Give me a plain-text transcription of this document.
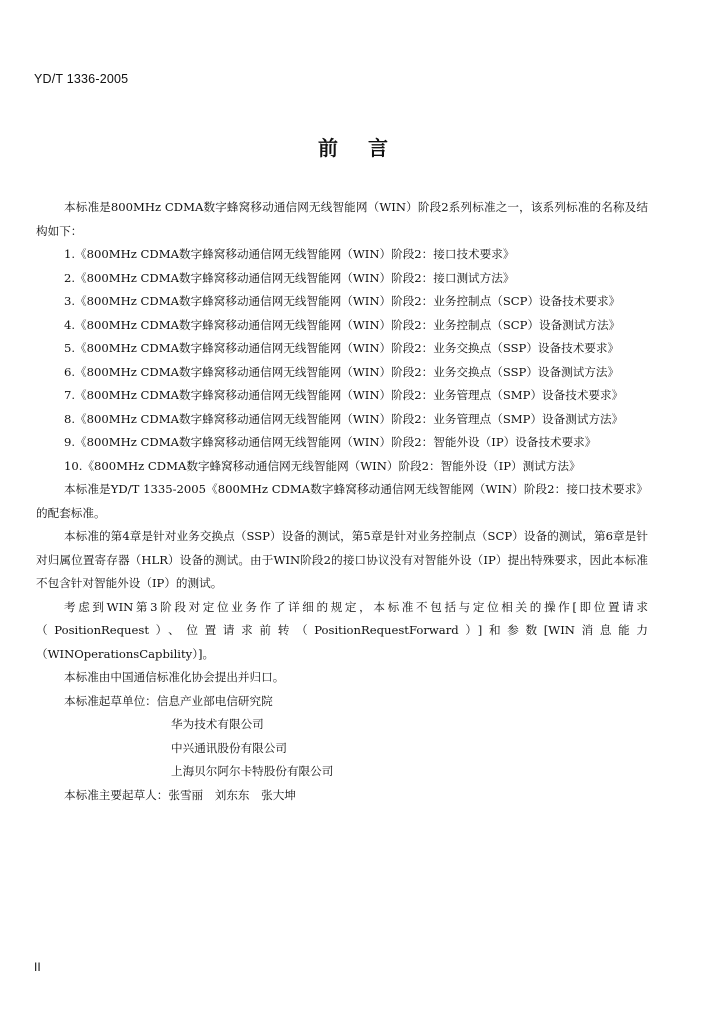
YD/T 1336-2005
前言

本标准是800MHz CDMA数字蜂窝移动通信网无线智能网（WIN）阶段2系列标准之一，该系列标准的名称及结构如下：

1.《800MHz CDMA数字蜂窝移动通信网无线智能网（WIN）阶段2：接口技术要求》

2.《800MHz CDMA数字蜂窝移动通信网无线智能网（WIN）阶段2：接口测试方法》

3.《800MHz CDMA数字蜂窝移动通信网无线智能网（WIN）阶段2：业务控制点（SCP）设备技术要求》

4.《800MHz CDMA数字蜂窝移动通信网无线智能网（WIN）阶段2：业务控制点（SCP）设备测试方法》

5.《800MHz CDMA数字蜂窝移动通信网无线智能网（WIN）阶段2：业务交换点（SSP）设备技术要求》

6.《800MHz CDMA数字蜂窝移动通信网无线智能网（WIN）阶段2：业务交换点（SSP）设备测试方法》

7.《800MHz CDMA数字蜂窝移动通信网无线智能网（WIN）阶段2：业务管理点（SMP）设备技术要求》

8.《800MHz CDMA数字蜂窝移动通信网无线智能网（WIN）阶段2：业务管理点（SMP）设备测试方法》

9.《800MHz CDMA数字蜂窝移动通信网无线智能网（WIN）阶段2：智能外设（IP）设备技术要求》

10.《800MHz CDMA数字蜂窝移动通信网无线智能网（WIN）阶段2：智能外设（IP）测试方法》

本标准是YD/T 1335-2005《800MHz CDMA数字蜂窝移动通信网无线智能网（WIN）阶段2：接口技术要求》的配套标准。

本标准的第4章是针对业务交换点（SSP）设备的测试，第5章是针对业务控制点（SCP）设备的测试，第6章是针对归属位置寄存器（HLR）设备的测试。由于WIN阶段2的接口协议没有对智能外设（IP）提出特殊要求，因此本标准不包含针对智能外设（IP）的测试。

考虑到WIN第3阶段对定位业务作了详细的规定，本标准不包括与定位相关的操作[即位置请求（PositionRequest）、位置请求前转（PositionRequestForward）]和参数[WIN消息能力（WINOperationsCapbility）]。

本标准由中国通信标准化协会提出并归口。

本标准起草单位：信息产业部电信研究院

华为技术有限公司

中兴通讯股份有限公司

上海贝尔阿尔卡特股份有限公司

本标准主要起草人：张雪丽　刘东东　张大坤

II
